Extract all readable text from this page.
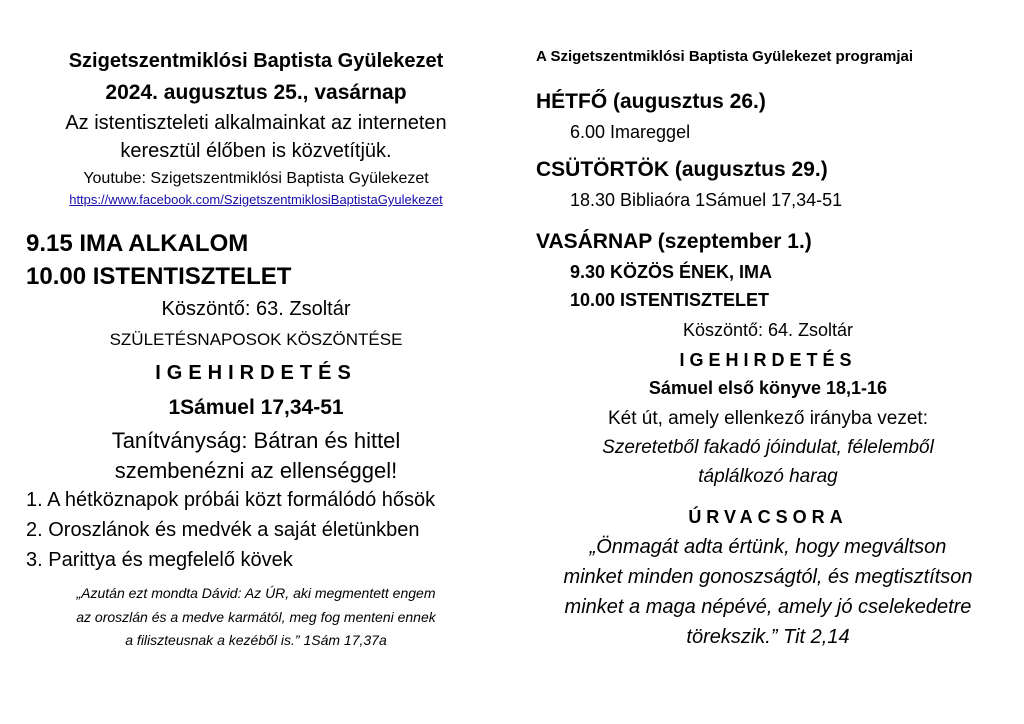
Szigetszentmiklósi Baptista Gyülekezet
2024. augusztus 25., vasárnap
Az istentiszteleti alkalmainkat az interneten
keresztül élőben is közvetítjük.
Youtube: Szigetszentmiklósi Baptista Gyülekezet
https://www.facebook.com/SzigetszentmiklosiBaptistaGyulekezet
9.15 IMA ALKALOM
10.00 ISTENTISZTELET
Köszöntő: 63. Zsoltár
SZÜLETÉSNAPOSOK KÖSZÖNTÉSE
IGEHIRDETÉS
1Sámuel 17,34-51
Tanítványság: Bátran és hittel
szembenézni az ellenséggel!
1. A hétköznapok próbái közt formálódó hősök
2. Oroszlánok és medvék a saját életünkben
3. Parittya és megfelelő kövek
„Azután ezt mondta Dávid: Az ÚR, aki megmentett engem
az oroszlán és a medve karmától, meg fog menteni ennek
a filiszteusnak a kezéből is.” 1Sám 17,37a
A Szigetszentmiklósi Baptista Gyülekezet programjai
HÉTFŐ (augusztus 26.)
6.00 Imareggel
CSÜTÖRTÖK (augusztus 29.)
18.30 Bibliaóra 1Sámuel 17,34-51
VASÁRNAP (szeptember 1.)
9.30 KÖZÖS ÉNEK, IMA
10.00 ISTENTISZTELET
Köszöntő: 64. Zsoltár
IGEHIRDETÉS
Sámuel első könyve 18,1-16
Két út, amely ellenkező irányba vezet:
Szeretetből fakadó jóindulat, félelemből
táplálkozó harag
ÚRVACSORA
„Önmagát adta értünk, hogy megváltson
minket minden gonoszságtól, és megtisztítson
minket a maga népévé, amely jó cselekedetre
törekszik.” Tit 2,14
